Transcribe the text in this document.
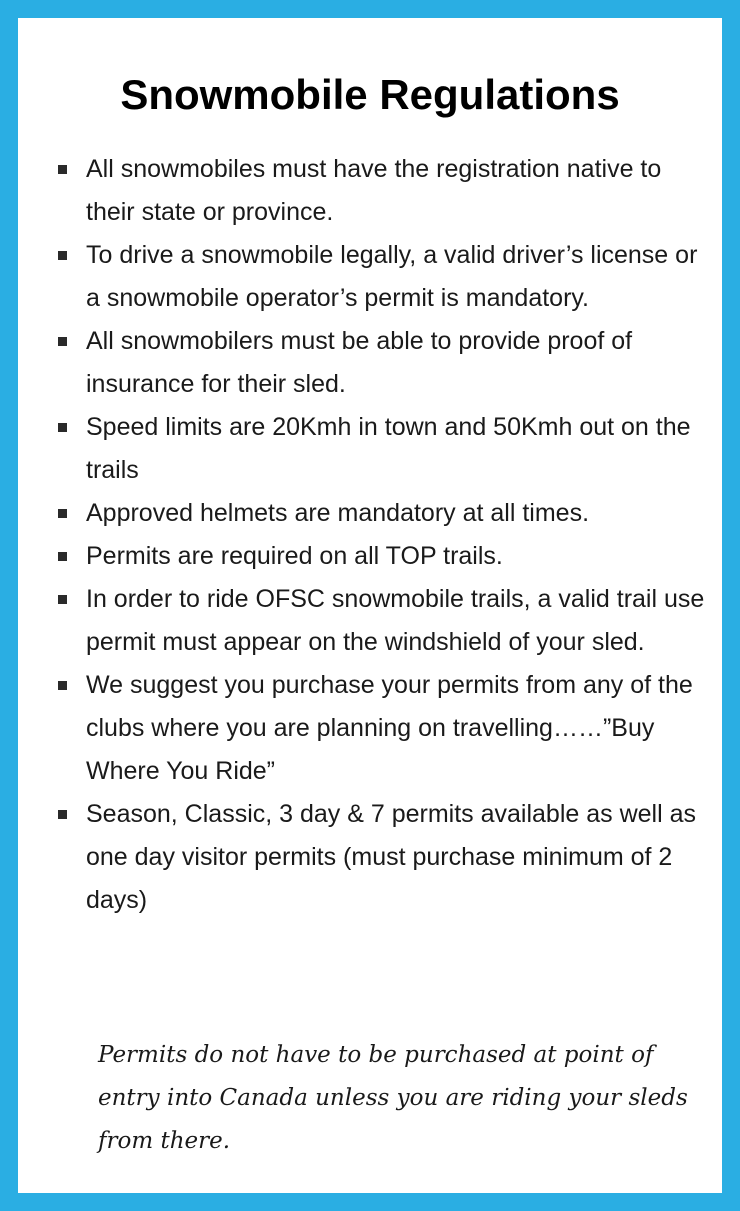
Snowmobile Regulations
All snowmobiles must have the registration native to their state or province.
To drive a snowmobile legally, a valid driver’s license or a snowmobile operator’s permit is mandatory.
All snowmobilers must be able to provide proof of insurance for their sled.
Speed limits are 20Kmh in town and 50Kmh out on the trails
Approved helmets are mandatory at all times.
Permits are required on all TOP trails.
In order to ride OFSC snowmobile trails, a valid trail use permit must appear on the windshield of your sled.
We suggest you purchase your permits from any of the clubs where you are planning on travelling……”Buy Where You Ride”
Season, Classic, 3 day & 7 permits available as well as one day visitor permits (must purchase minimum of 2 days)

Permits do not have to be purchased at point of entry into Canada unless you are riding your sleds from there.
